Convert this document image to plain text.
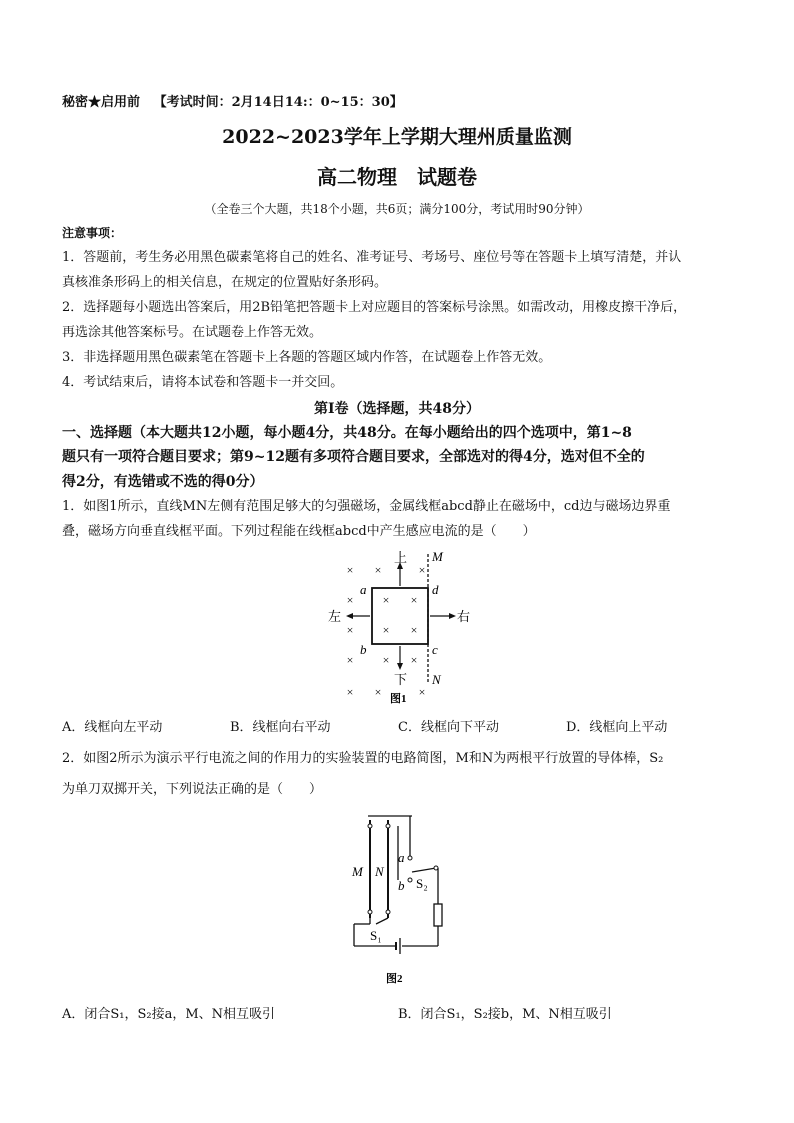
秘密★启用前 【考试时间：2月14日14:：0~15：30】
2022~2023学年上学期大理州质量监测
高二物理　试题卷
（全卷三个大题，共18个小题，共6页；满分100分，考试用时90分钟）
注意事项：
1．答题前，考生务必用黑色碳素笔将自己的姓名、准考证号、考场号、座位号等在答题卡上填写清楚，并认
真核准条形码上的相关信息，在规定的位置贴好条形码。
2．选择题每小题选出答案后，用2B铅笔把答题卡上对应题目的答案标号涂黑。如需改动，用橡皮擦干净后，
再选涂其他答案标号。在试题卷上作答无效。
3．非选择题用黑色碳素笔在答题卡上各题的答题区域内作答，在试题卷上作答无效。
4．考试结束后，请将本试卷和答题卡一并交回。
第Ⅰ卷（选择题，共48分）
一、选择题（本大题共12小题，每小题4分，共48分。在每小题给出的四个选项中，第1~8
题只有一项符合题目要求；第9~12题有多项符合题目要求，全部选对的得4分，选对但不全的
得2分，有选错或不选的得0分）
1．如图1所示，直线MN左侧有范围足够大的匀强磁场，金属线框abcd静止在磁场中，cd边与磁场边界重
叠，磁场方向垂直线框平面。下列过程能在线框abcd中产生感应电流的是（　　）
M
N
a	d
b	c
× ×	×
× × ×
× × ×
× × ×
× ×	×
上
下
左	右
图1
A．线框向左平动	B．线框向右平动	C．线框向下平动	D．线框向上平动
2．如图2所示为演示平行电流之间的作用力的实验装置的电路简图，M和N为两根平行放置的导体棒，S₂
为单刀双掷开关，下列说法正确的是（　　）
a
b S₂
S₁
M N
图2
A．闭合S₁，S₂接a，M、N相互吸引	B．闭合S₁，S₂接b，M、N相互吸引
